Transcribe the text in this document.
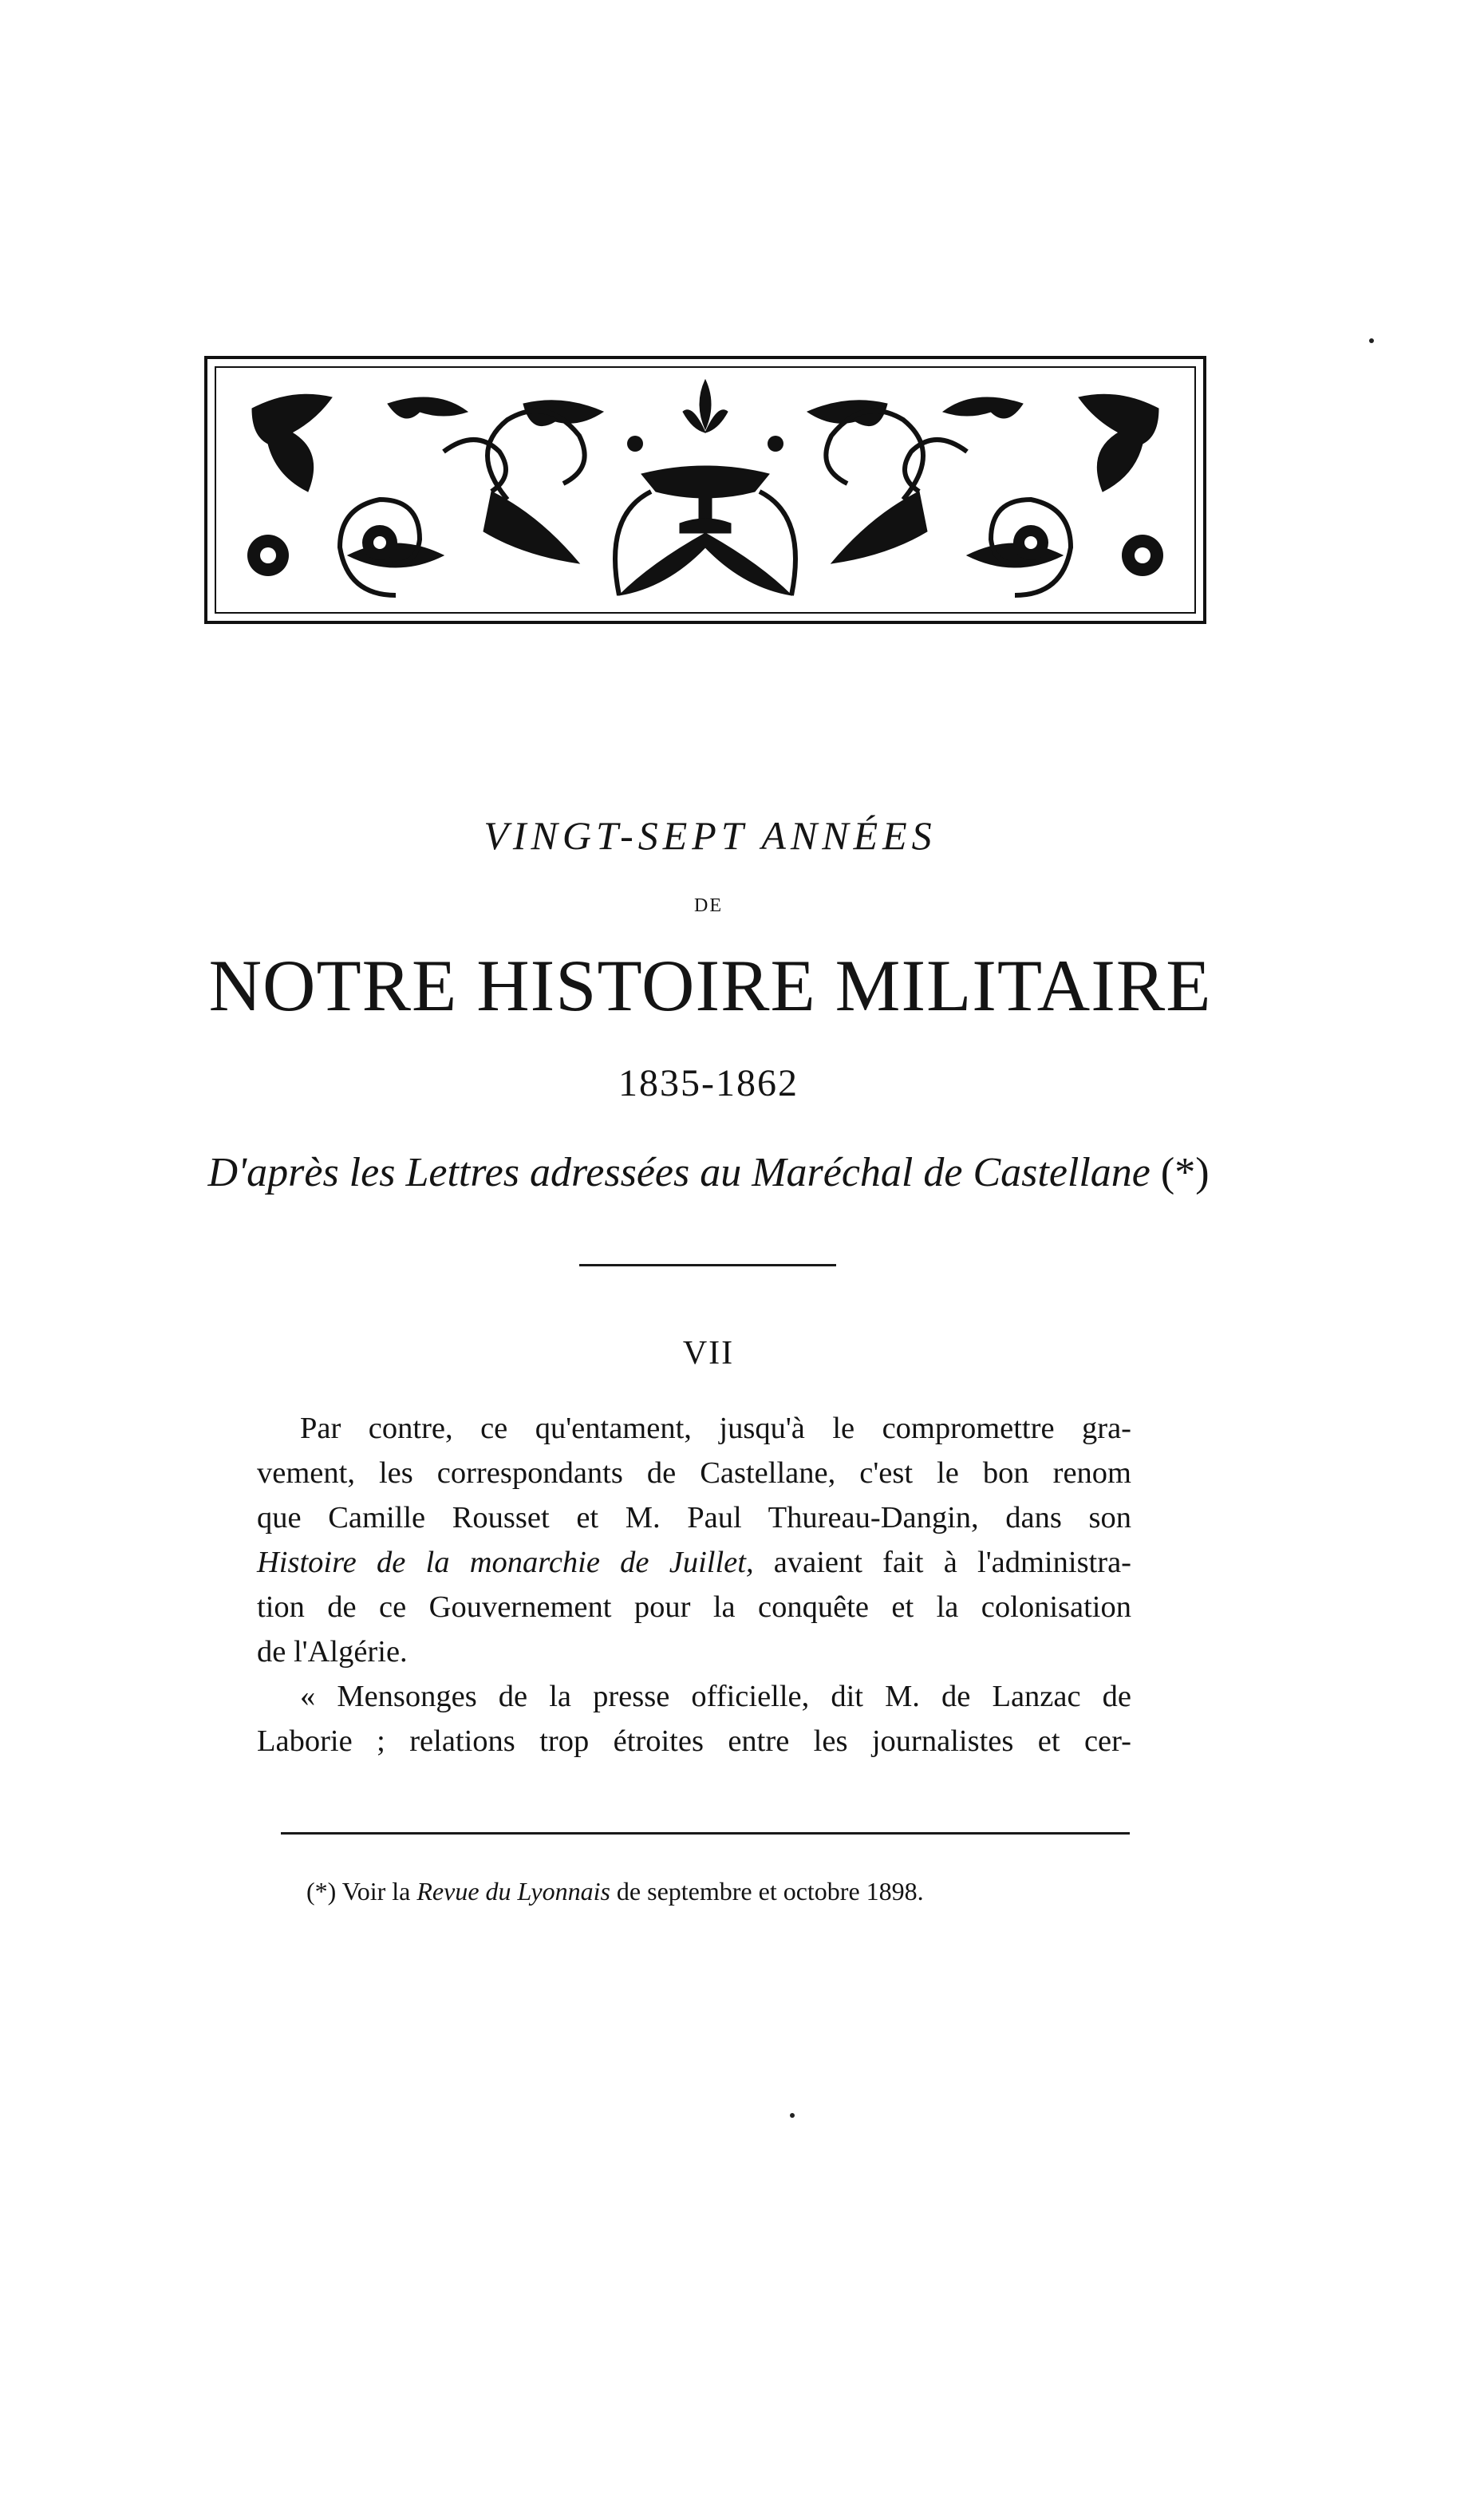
VINGT-SEPT ANNÉES
DE
NOTRE HISTOIRE MILITAIRE
1835-1862
D'après les Lettres adressées au Maréchal de Castellane (*)
VII
Par contre, ce qu'entament, jusqu'à le compromettre gra-
vement, les correspondants de Castellane, c'est le bon renom
que Camille Rousset et M. Paul Thureau-Dangin, dans son
Histoire de la monarchie de Juillet, avaient fait à l'administra-
tion de ce Gouvernement pour la conquête et la colonisation
de l'Algérie.
« Mensonges de la presse officielle, dit M. de Lanzac de
Laborie ; relations trop étroites entre les journalistes et cer-
(*) Voir la Revue du Lyonnais de septembre et octobre 1898.
